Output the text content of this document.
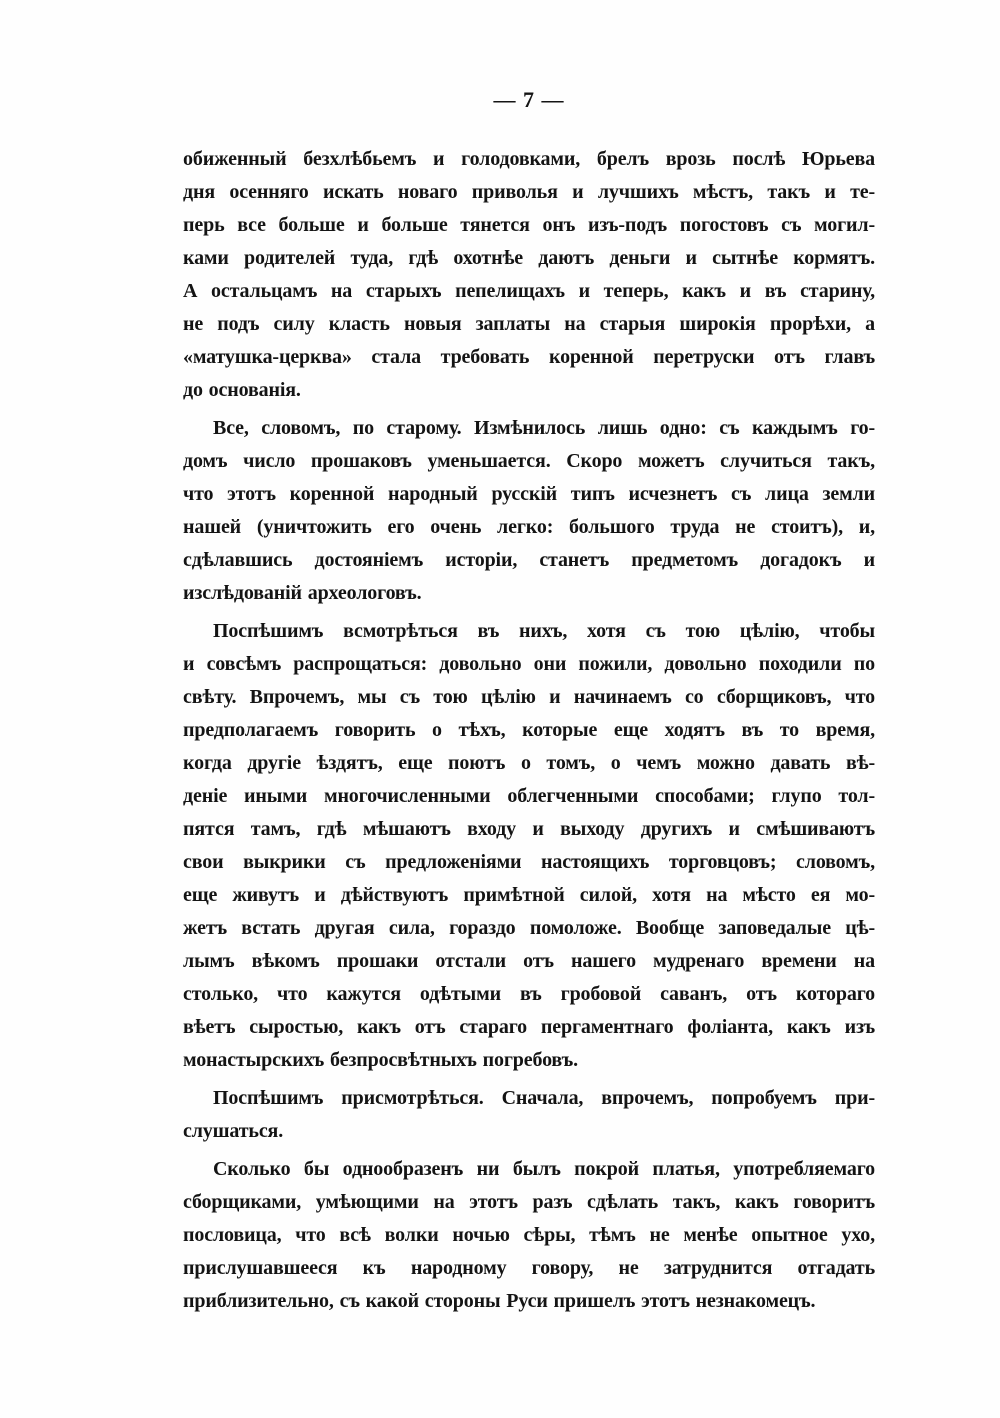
— 7 —
обиженный безхлѣбьемъ и голодовками, брелъ врозь послѣ Юрьева
дня осенняго искать новаго приволья и лучшихъ мѣстъ, такъ и те-
перь все больше и больше тянется онъ изъ-подъ погостовъ съ могил-
ками родителей туда, гдѣ охотнѣе даютъ деньги и сытнѣе кормятъ.
А остальцамъ на старыхъ пепелищахъ и теперь, какъ и въ старину,
не подъ силу класть новыя заплаты на старыя широкія прорѣхи, а
«матушка-церква» стала требовать коренной перетруски отъ главъ
до основанія.
Все, словомъ, по старому. Измѣнилось лишь одно: съ каждымъ го-
домъ число прошаковъ уменьшается. Скоро можетъ случиться такъ,
что этотъ коренной народный русскій типъ исчезнетъ съ лица земли
нашей (уничтожить его очень легко: большого труда не стоитъ), и,
сдѣлавшись достояніемъ исторіи, станетъ предметомъ догадокъ и
изслѣдованій археологовъ.
Поспѣшимъ всмотрѣться въ нихъ, хотя съ тою цѣлію, чтобы
и совсѣмъ распрощаться: довольно они пожили, довольно походили по
свѣту. Впрочемъ, мы съ тою цѣлію и начинаемъ со сборщиковъ, что
предполагаемъ говорить о тѣхъ, которые еще ходятъ въ то время,
когда другіе ѣздятъ, еще поютъ о томъ, о чемъ можно давать вѣ-
деніе иными многочисленными облегченными способами; глупо тол-
пятся тамъ, гдѣ мѣшаютъ входу и выходу другихъ и смѣшиваютъ
свои выкрики съ предложеніями настоящихъ торговцовъ; словомъ,
еще живутъ и дѣйствуютъ примѣтной силой, хотя на мѣсто ея мо-
жетъ встать другая сила, гораздо помоложе. Вообще заповедалые цѣ-
лымъ вѣкомъ прошаки отстали отъ нашего мудренаго времени на
столько, что кажутся одѣтыми въ гробовой саванъ, отъ котораго
вѣетъ сыростью, какъ отъ стараго пергаментнаго фоліанта, какъ изъ
монастырскихъ безпросвѣтныхъ погребовъ.
Поспѣшимъ присмотрѣться. Сначала, впрочемъ, попробуемъ при-
слушаться.
Сколько бы однообразенъ ни былъ покрой платья, употребляемаго
сборщиками, умѣющими на этотъ разъ сдѣлать такъ, какъ говоритъ
пословица, что всѣ волки ночью сѣры, тѣмъ не менѣе опытное ухо,
прислушавшееся къ народному говору, не затруднится отгадать
приблизительно, съ какой стороны Руси пришелъ этотъ незнакомецъ.
